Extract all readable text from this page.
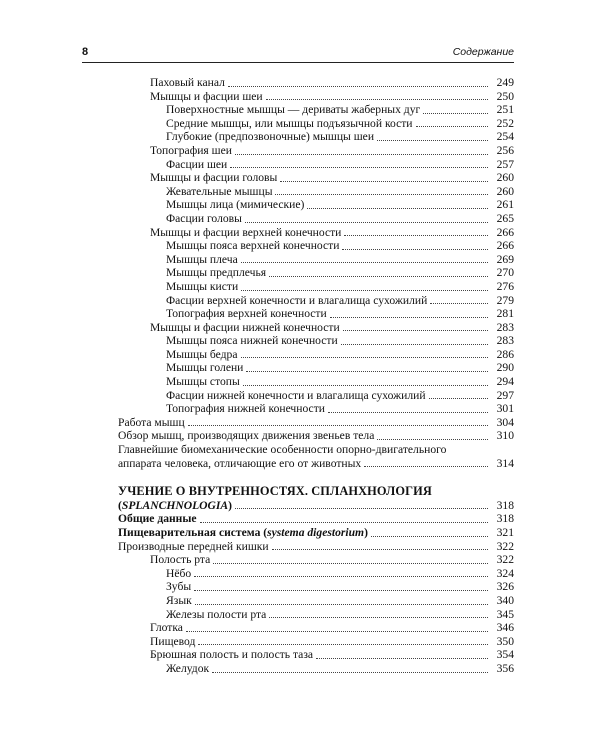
8	Содержание
Паховый канал	249
Мышцы и фасции шеи	250
Поверхностные мышцы — дериваты жаберных дуг	251
Средние мышцы, или мышцы подъязычной кости	252
Глубокие (предпозвоночные) мышцы шеи	254
Топография шеи	256
Фасции шеи	257
Мышцы и фасции головы	260
Жевательные мышцы	260
Мышцы лица (мимические)	261
Фасции головы	265
Мышцы и фасции верхней конечности	266
Мышцы пояса верхней конечности	266
Мышцы плеча	269
Мышцы предплечья	270
Мышцы кисти	276
Фасции верхней конечности и влагалища сухожилий	279
Топография верхней конечности	281
Мышцы и фасции нижней конечности	283
Мышцы пояса нижней конечности	283
Мышцы бедра	286
Мышцы голени	290
Мышцы стопы	294
Фасции нижней конечности и влагалища сухожилий	297
Топография нижней конечности	301
Работа мышц	304
Обзор мышц, производящих движения звеньев тела	310
Главнейшие биомеханические особенности опорно-двигательного
аппарата человека, отличающие его от животных	314
УЧЕНИЕ О ВНУТРЕННОСТЯХ. СПЛАНХНОЛОГИЯ
(SPLANCHNOLOGIA)	318
Общие данные	318
Пищеварительная система (systema digestorium)	321
Производные передней кишки	322
Полость рта	322
Нёбо	324
Зубы	326
Язык	340
Железы полости рта	345
Глотка	346
Пищевод	350
Брюшная полость и полость таза	354
Желудок	356
